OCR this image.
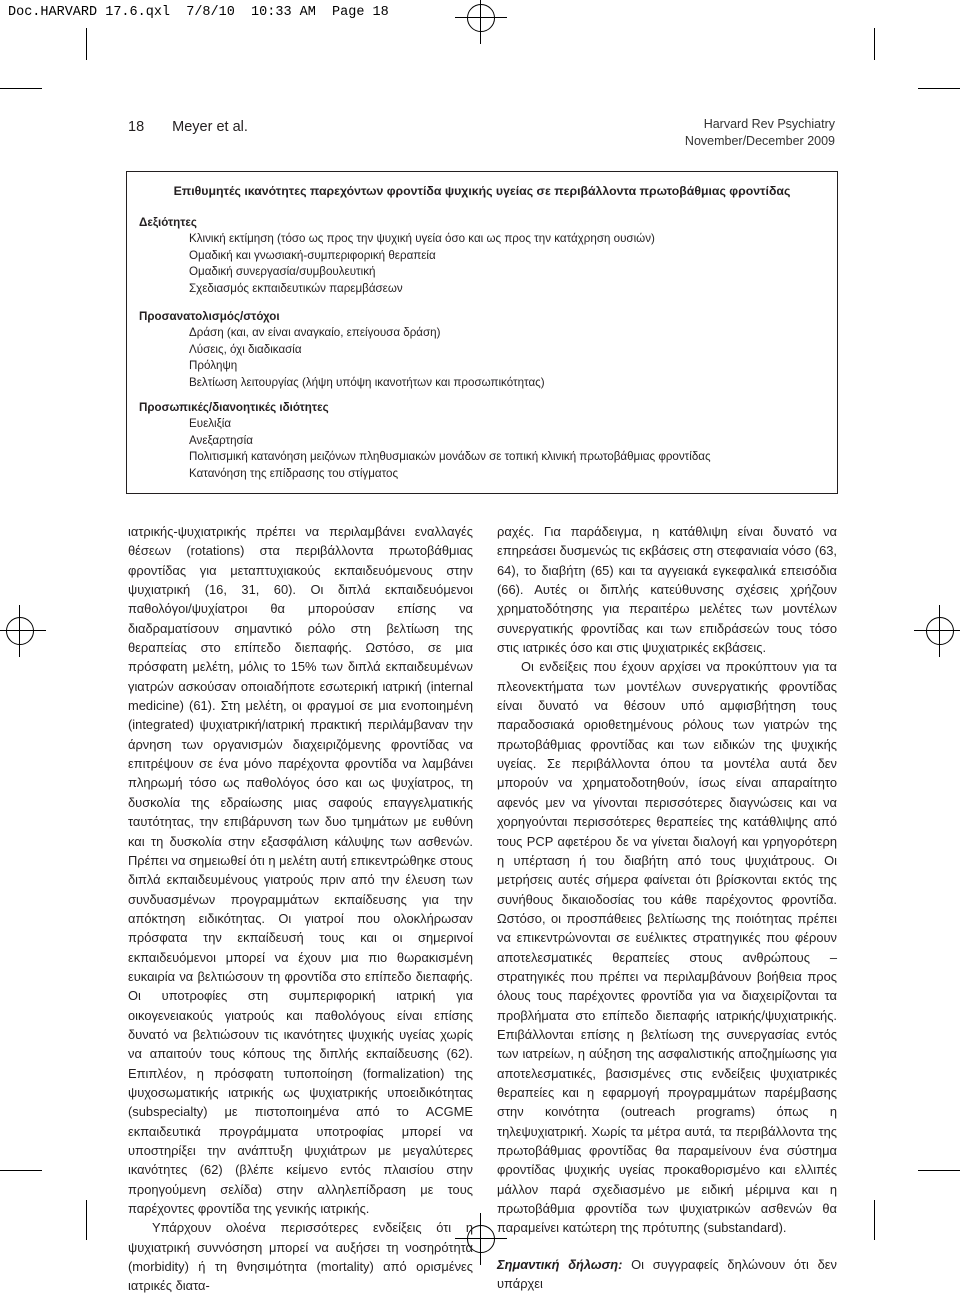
Doc.HARVARD 17.6.qxl  7/8/10  10:33 AM  Page 18
18 Meyer et al.	Harvard Rev Psychiatry
November/December 2009
Επιθυμητές ικανότητες παρεχόντων φροντίδα ψυχικής υγείας σε περιβάλλοντα πρωτοβάθμιας φροντίδας
Δεξιότητες
Κλινική εκτίμηση (τόσο ως προς την ψυχική υγεία όσο και ως προς την κατάχρηση ουσιών)
Ομαδική και γνωσιακή-συμπεριφορική θεραπεία
Ομαδική συνεργασία/συμβουλευτική
Σχεδιασμός εκπαιδευτικών παρεμβάσεων
Προσανατολισμός/στόχοι
Δράση (και, αν είναι αναγκαίο, επείγουσα δράση)
Λύσεις, όχι διαδικασία
Πρόληψη
Βελτίωση λειτουργίας (λήψη υπόψη ικανοτήτων και προσωπικότητας)
Προσωπικές/διανοητικές ιδιότητες
Ευελιξία
Ανεξαρτησία
Πολιτισμική κατανόηση μειζόνων πληθυσμιακών μονάδων σε τοπική κλινική πρωτοβάθμιας φροντίδας
Κατανόηση της επίδρασης του στίγματος

ιατρικής-ψυχιατρικής πρέπει να περιλαμβάνει εναλλαγές θέσεων (rotations) στα περιβάλλοντα πρωτοβάθμιας φροντίδας για μεταπτυχιακούς εκπαιδευόμενους στην ψυχιατρική (16, 31, 60). Οι διπλά εκπαιδευόμενοι παθολόγοι/ψυχίατροι θα μπορούσαν επίσης να διαδραματίσουν σημαντικό ρόλο στη βελτίωση της θεραπείας στο επίπεδο διεπαφής. Ωστόσο, σε μια πρόσφατη μελέτη, μόλις το 15% των διπλά εκπαιδευμένων γιατρών ασκούσαν οποιαδήποτε εσωτερική ιατρική (internal medicine) (61). Στη μελέτη, οι φραγμοί σε μια ενοποιημένη (integrated) ψυχιατρική/ιατρική πρακτική περιλάμβαναν την άρνηση των οργανισμών διαχειριζόμενης φροντίδας να επιτρέψουν σε ένα μόνο παρέχοντα φροντίδα να λαμβάνει πληρωμή τόσο ως παθολόγος όσο και ως ψυχίατρος, τη δυσκολία της εδραίωσης μιας σαφούς επαγγελματικής ταυτότητας, την επιβάρυνση των δυο τμημάτων με ευθύνη και τη δυσκολία στην εξασφάλιση κάλυψης των ασθενών. Πρέπει να σημειωθεί ότι η μελέτη αυτή επικεντρώθηκε στους διπλά εκπαιδευμένους γιατρούς πριν από την έλευση των συνδυασμένων προγραμμάτων εκπαίδευσης για την απόκτηση ειδικότητας. Οι γιατροί που ολοκλήρωσαν πρόσφατα την εκπαίδευσή τους και οι σημερινοί εκπαιδευόμενοι μπορεί να έχουν μια πιο θωρακισμένη ευκαιρία να βελτιώσουν τη φροντίδα στο επίπεδο διεπαφής. Οι υποτροφίες στη συμπεριφορική ιατρική για οικογενειακούς γιατρούς και παθολόγους είναι επίσης δυνατό να βελτιώσουν τις ικανότητες ψυχικής υγείας χωρίς να απαιτούν τους κόπους της διπλής εκπαίδευσης (62). Επιπλέον, η πρόσφατη τυποποίηση (formalization) της ψυχοσωματικής ιατρικής ως ψυχιατρικής υποειδικότητας (subspecialty) με πιστοποιημένα από το ACGME εκπαιδευτικά προγράμματα υποτροφίας μπορεί να υποστηρίξει την ανάπτυξη ψυχιάτρων με μεγαλύτερες ικανότητες (62) (βλέπε κείμενο εντός πλαισίου στην προηγούμενη σελίδα) στην αλληλεπίδραση με τους παρέχοντες φροντίδα της γενικής ιατρικής.

Υπάρχουν ολοένα περισσότερες ενδείξεις ότι η ψυχιατρική συννόσηση μπορεί να αυξήσει τη νοσηρότητα (morbidity) ή τη θνησιμότητα (mortality) από ορισμένες ιατρικές διατα-

ραχές. Για παράδειγμα, η κατάθλιψη είναι δυνατό να επηρεάσει δυσμενώς τις εκβάσεις στη στεφανιαία νόσο (63, 64), το διαβήτη (65) και τα αγγειακά εγκεφαλικά επεισόδια (66). Αυτές οι διπλής κατεύθυνσης σχέσεις χρήζουν χρηματοδότησης για περαιτέρω μελέτες των μοντέλων συνεργατικής φροντίδας και των επιδράσεών τους τόσο στις ιατρικές όσο και στις ψυχιατρικές εκβάσεις.

Οι ενδείξεις που έχουν αρχίσει να προκύπτουν για τα πλεονεκτήματα των μοντέλων συνεργατικής φροντίδας είναι δυνατό να θέσουν υπό αμφισβήτηση τους παραδοσιακά οριοθετημένους ρόλους των γιατρών της πρωτοβάθμιας φροντίδας και των ειδικών της ψυχικής υγείας. Σε περιβάλλοντα όπου τα μοντέλα αυτά δεν μπορούν να χρηματοδοτηθούν, ίσως είναι απαραίτητο αφενός μεν να γίνονται περισσότερες διαγνώσεις και να χορηγούνται περισσότερες θεραπείες της κατάθλιψης από τους PCP αφετέρου δε να γίνεται διαλογή και γρηγορότερη η υπέρταση ή του διαβήτη από τους ψυχιάτρους. Οι μετρήσεις αυτές σήμερα φαίνεται ότι βρίσκονται εκτός της συνήθους δικαιοδοσίας του κάθε παρέχοντος φροντίδα. Ωστόσο, οι προσπάθειες βελτίωσης της ποιότητας πρέπει να επικεντρώνονται σε ευέλικτες στρατηγικές που φέρουν αποτελεσματικές θεραπείες στους ανθρώπους – στρατηγικές που πρέπει να περιλαμβάνουν βοήθεια προς όλους τους παρέχοντες φροντίδα για να διαχειρίζονται τα προβλήματα στο επίπεδο διεπαφής ιατρικής/ψυχιατρικής. Επιβάλλονται επίσης η βελτίωση της συνεργασίας εντός των ιατρείων, η αύξηση της ασφαλιστικής αποζημίωσης για αποτελεσματικές, βασισμένες στις ενδείξεις ψυχιατρικές θεραπείες και η εφαρμογή προγραμμάτων παρέμβασης στην κοινότητα (outreach programs) όπως η τηλεψυχιατρική. Χωρίς τα μέτρα αυτά, τα περιβάλλοντα της πρωτοβάθμιας φροντίδας θα παραμείνουν ένα σύστημα φροντίδας ψυχικής υγείας προκαθορισμένο και ελλιπές μάλλον παρά σχεδιασμένο με ειδική μέριμνα και η πρωτοβάθμια φροντίδα των ψυχιατρικών ασθενών θα παραμείνει κατώτερη της πρότυπης (substandard).

Σημαντική δήλωση: Οι συγγραφείς δηλώνουν ότι δεν υπάρχει
